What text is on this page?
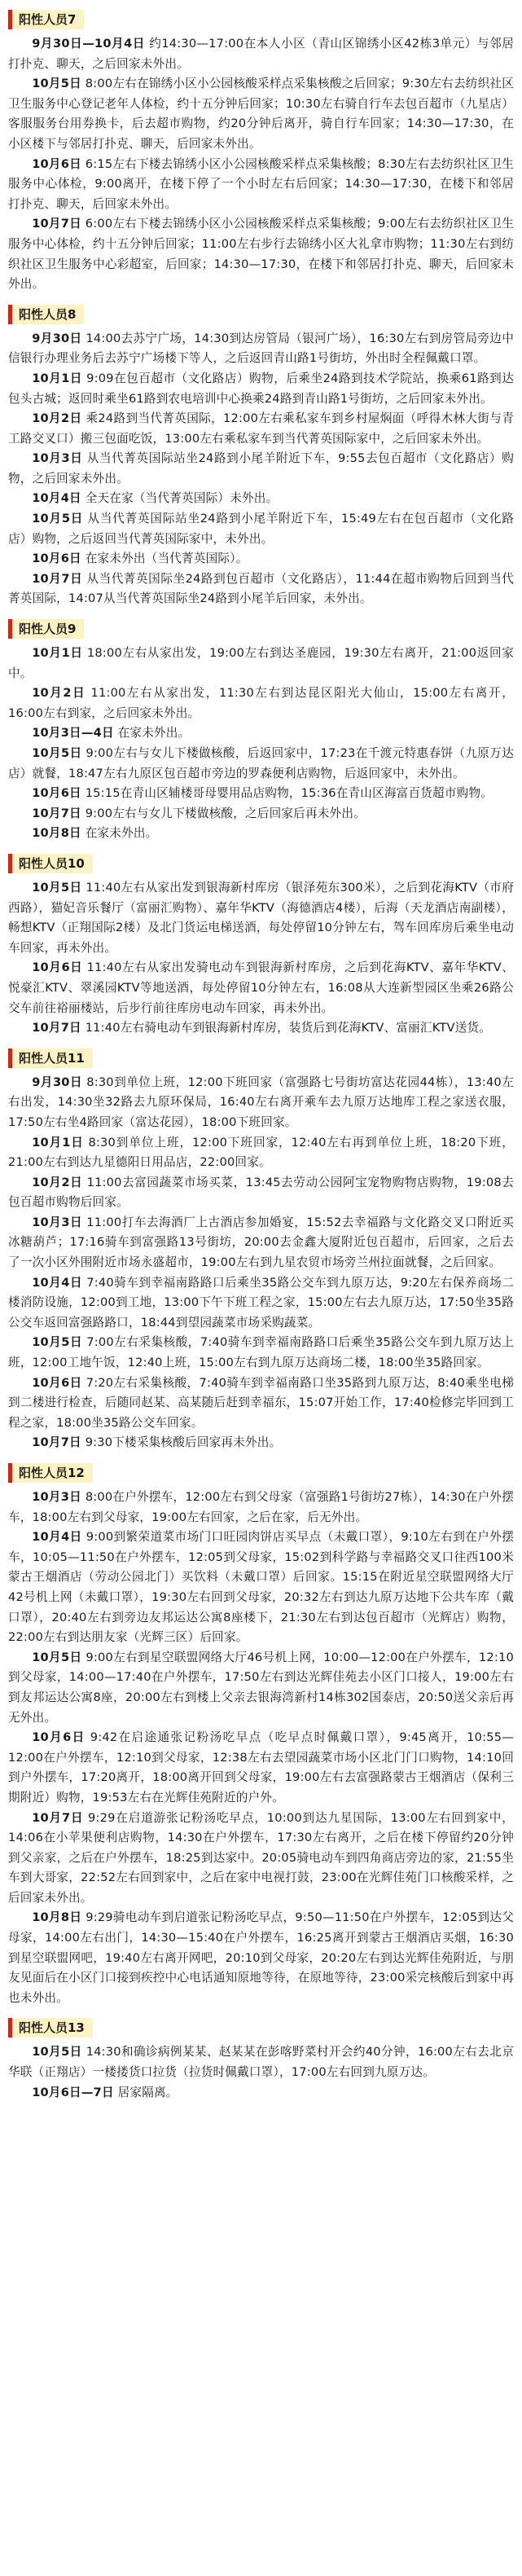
阳性人员7

9月30日—10月4日 约14:30—17:00在本人小区（青山区锦绣小区42栋3单元）与邻居打扑克、聊天，之后回家未外出。

10月5日 8:00左右在锦绣小区小公园核酸采样点采集核酸之后回家；9:30左右去纺织社区卫生服务中心登记老年人体检，约十五分钟后回家；10:30左右骑自行车去包百超市（九星店）客服服务台用券换卡，后去超市购物，约20分钟后离开，骑自行车回家；14:30—17:30，在小区楼下与邻居打扑克、聊天，后回家未外出。

10月6日 6:15左右下楼去锦绣小区小公园核酸采样点采集核酸；8:30左右去纺织社区卫生服务中心体检，9:00离开，在楼下停了一个小时左右后回家；14:30—17:30，在楼下和邻居打扑克、聊天，后回家未外出。

10月7日 6:00左右下楼去锦绣小区小公园核酸采样点采集核酸；9:00左右去纺织社区卫生服务中心体检，约十五分钟后回家；11:00左右步行去锦绣小区大礼拿市购物；11:30左右到纺织社区卫生服务中心彩超室，后回家；14:30—17:30，在楼下和邻居打扑克、聊天，后回家未外出。

阳性人员8

9月30日 14:00去苏宁广场，14:30到达房管局（银河广场），16:30左右到房管局旁边中信银行办理业务后去苏宁广场楼下等人，之后返回青山路1号街坊，外出时全程佩戴口罩。

10月1日 9:09在包百超市（文化路店）购物，后乘坐24路到技术学院站，换乘61路到达包头古城；返回时乘坐61路到农电培训中心换乘24路到青山路1号街坊，之后回家未外出。

10月2日 乘24路到当代菁英国际，12:00左右乘私家车到乡村屋焖面（呼得木林大街与青工路交叉口）搬三包面吃饭，13:00左右乘私家车到当代菁英国际家中，之后回家未外出。

10月3日 从当代菁英国际站坐24路到小尾羊附近下车，9:55去包百超市（文化路店）购物，之后回家未外出。

10月4日 全天在家（当代菁英国际）未外出。

10月5日 从当代菁英国际站坐24路到小尾羊附近下车，15:49左右在包百超市（文化路店）购物，之后返回当代菁英国际家中，未外出。

10月6日 在家未外出（当代菁英国际）。

10月7日 从当代菁英国际坐24路到包百超市（文化路店），11:44在超市购物后回到当代菁英国际，14:07从当代菁英国际坐24路到小尾羊后回家，未外出。

阳性人员9

10月1日 18:00左右从家出发，19:00左右到达圣鹿园，19:30左右离开，21:00返回家中。

10月2日 11:00左右从家出发，11:30左右到达昆区阳光大仙山，15:00左右离开，16:00左右到家，之后回家未外出。

10月3日—4日 在家未外出。

10月5日 9:00左右与女儿下楼做核酸，后返回家中，17:23在千渡元特惠春饼（九原万达店）就餐，18:47左右九原区包百超市旁边的罗森便利店购物，后返回家中，未外出。

10月6日 15:15在青山区辅楼哥母婴用品店购物，15:36在青山区海富百货超市购物。

10月7日 9:00左右与女儿下楼做核酸，之后回家后再未外出。

10月8日 在家未外出。

阳性人员10

10月5日 11:40左右从家出发到银海新村库房（银泽苑东300米），之后到花海KTV（市府西路），猫妃音乐餐厅（富丽汇购物）、嘉年华KTV（海德酒店4楼），后海（天龙酒店南副楼），畅想KTV（正翔国际2楼）及北门货运电梯送酒，每处停留10分钟左右，驾车回库房后乘坐电动车回家，再未外出。

10月6日 11:40左右从家出发骑电动车到银海新村库房，之后到花海KTV、嘉年华KTV、悦豪汇KTV、翠溪园KTV等地送酒，每处停留10分钟左右，16:08从大连新型园区坐乘26路公交车前往裕丽楼站，后步行前往库房电动车回家，再未外出。

10月7日 11:40左右骑电动车到银海新村库房，装货后到花海KTV、富丽汇KTV送货。

阳性人员11

9月30日 8:30到单位上班，12:00下班回家（富强路七号街坊富达花园44栋），13:40左右出发，14:30坐32路去九原环保局，16:40左右离开乘车去九原万达地库工程之家送衣服，17:50左右坐4路回家（富达花园），18:00下班回家。

10月1日 8:30到单位上班，12:00下班回家，12:40左右再到单位上班，18:20下班，21:00左右到达九星德阳日用品店，22:00回家。

10月2日 11:00去富园蔬菜市场买菜，13:45去劳动公园阿宝宠物购物店购物，19:08去包百超市购物后回家。

10月3日 11:00打车去海酒厂上古酒店参加婚宴，15:52去幸福路与文化路交叉口附近买冰糖葫芦；17:16骑车到富强路13号街坊，20:00去金鑫大厦附近包百超市，后回家，之后去了一次小区外围附近市场永盛超市，19:00左右到九星农贸市场旁兰州拉面就餐，之后回家。

10月4日 7:40骑车到幸福南路路口后乘坐35路公交车到九原万达，9:20左右保养商场二楼消防设施，12:00到工地，13:00下午下班工程之家，15:00左右去九原万达，17:50坐35路公交车返回富强路路口，18:44到望园蔬菜市场采购蔬菜。

10月5日 7:00左右采集核酸，7:40骑车到幸福南路路口后乘坐35路公交车到九原万达上班，12:00工地午饭，12:40上班，15:00左右到九原万达商场二楼，18:00坐35路回家。

10月6日 7:20左右采集核酸，7:40骑车到幸福南路口坐35路到九原万达，8:40乘坐电梯到二楼进行检查，后随同赵某、高某随后赶到幸福东，15:07开始工作，17:40检修完毕回到工程之家，18:00坐35路公交车回家。

10月7日 9:30下楼采集核酸后回家再未外出。

阳性人员12

10月3日 8:00在户外摆车，12:00左右到父母家（富强路1号街坊27栋），14:30在户外摆车，18:00左右到父母家，19:00左右回家，之后在家，后无外出。

10月4日 9:00到繁荣道菜市场门口旺园肉饼店买早点（未戴口罩），9:10左右到在户外摆车，10:05—11:50在户外摆车，12:05到父母家，15:02到科学路与幸福路交叉口往西100米蒙古王烟酒店（劳动公园北门）买饮料（未戴口罩）后回家。15:15在附近星空联盟网络大厅42号机上网（未戴口罩），19:30左右回到父母家，20:32左右到达九原万达地下公共车库（戴口罩），20:40左右到旁边友邦运达公寓8座楼下，21:30左右到达包百超市（光辉店）购物，22:00左右到达朋友家（光辉三区）后回家。

10月5日 9:00左右到星空联盟网络大厅46号机上网，10:00—12:00在户外摆车，12:10到父母家，14:00—17:40在户外摆车，17:50左右到达光辉佳苑去小区门口接人，19:00左右到友邦运达公寓8座，20:00左右到楼上父亲去银海湾新村14栋302国泰店，20:50送父亲后再无外出。

10月6日 9:42在启途通张记粉汤吃早点（吃早点时佩戴口罩），9:45离开，10:55—12:00在户外摆车，12:10到父母家，12:38左右去望园蔬菜市场小区北门门口购物，14:10回到户外摆车，17:20离开，18:00离开回到父母家，19:00左右去富强路蒙古王烟酒店（保利三期附近）购物，19:53左右在光辉佳苑附近的户外。

10月7日 9:29在启道游张记粉汤吃早点，10:00到达九星国际，13:00左右回到家中，14:06在小苹果便利店购物，14:30在户外摆车，17:30左右离开，之后在楼下停留约20分钟到父亲家，之后在户外摆车，18:25到达家中。20:05骑电动车到四角商店旁边的家，21:55坐车到大哥家，22:52左右回到家中，之后在家中电视打鼓，23:00在光辉佳苑门口核酸采样，之后回家未外出。

10月8日 9:29骑电动车到启道张记粉汤吃早点，9:50—11:50在户外摆车，12:05到达父母家，14:00左右出门，14:30—15:40在户外摆车，16:25离开到蒙古王烟酒店买烟，16:30到星空联盟网吧，19:40左右离开网吧，20:10到父母家，20:20左右到达光辉佳苑附近，与朋友见面后在小区门口接到疾控中心电话通知原地等待，在原地等待，23:00采完核酸后到家中再也未外出。

阳性人员13

10月5日 14:30和确诊病例某某、赵某某在彭喀野菜村开会约40分钟，16:00左右去北京华联（正翔店）一楼搂货口拉货（拉货时佩戴口罩），17:00左右回到九原万达。

10月6日—7日 居家隔离。
